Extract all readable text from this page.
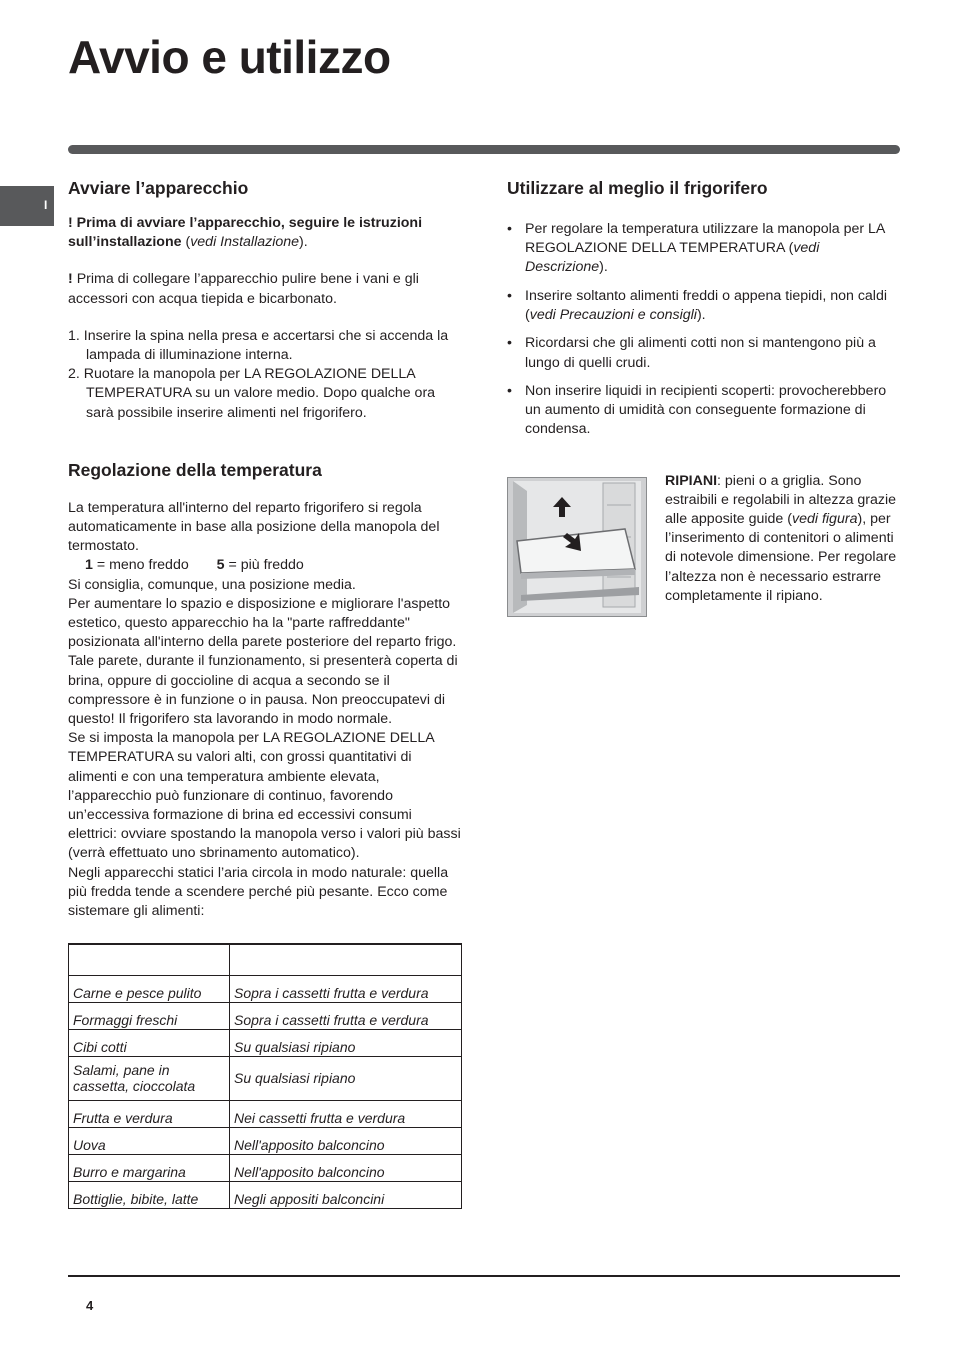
Avvio e utilizzo
I
Avviare l’apparecchio

! Prima di avviare l’apparecchio, seguire le istruzioni sull’installazione (vedi Installazione).

! Prima di collegare l’apparecchio pulire bene i vani e gli accessori con acqua tiepida e bicarbonato.

1. Inserire la spina nella presa e accertarsi che si accenda la lampada di illuminazione interna.
2. Ruotare la manopola per LA REGOLAZIONE DELLA TEMPERATURA su un valore medio. Dopo qualche ora sarà possibile inserire alimenti nel frigorifero.
Regolazione della temperatura

La temperatura all'interno del reparto frigorifero si regola automaticamente in base alla posizione della manopola del termostato.

1 = meno freddo 5 = più freddo

Si consiglia, comunque, una posizione media.
Per aumentare lo spazio e disposizione e migliorare l'aspetto estetico, questo apparecchio ha la "parte raffreddante" posizionata all'interno della parete posteriore del reparto frigo. Tale parete, durante il funzionamento, si presenterà coperta di brina, oppure di goccioline di acqua a secondo se il compressore è in funzione o in pausa. Non preoccupatevi di questo! Il frigorifero sta lavorando in modo normale.
Se si imposta la manopola per LA REGOLAZIONE DELLA TEMPERATURA su valori alti, con grossi quantitativi di alimenti e con una temperatura ambiente elevata, l’apparecchio può funzionare di continuo, favorendo un’eccessiva formazione di brina ed eccessivi consumi elettrici: ovviare spostando la manopola verso i valori più bassi (verrà effettuato uno sbrinamento automatico).
Negli apparecchi statici l’aria circola in modo naturale: quella più fredda tende a scendere perché più pesante. Ecco come sistemare gli alimenti:

Carne e pesce pulito	Sopra i cassetti frutta e verdura
Formaggi freschi	Sopra i cassetti frutta e verdura
Cibi cotti	Su qualsiasi ripiano
Salami, pane in cassetta, cioccolata	Su qualsiasi ripiano
Frutta e verdura	Nei cassetti frutta e verdura
Uova	Nell'apposito balconcino
Burro e margarina	Nell'apposito balconcino
Bottiglie, bibite, latte	Negli appositi balconcini
Utilizzare al meglio il frigorifero
• Per regolare la temperatura utilizzare la manopola per LA REGOLAZIONE DELLA TEMPERATURA (vedi Descrizione).
• Inserire soltanto alimenti freddi o appena tiepidi, non caldi (vedi Precauzioni e consigli).
• Ricordarsi che gli alimenti cotti non si mantengono più a lungo di quelli crudi.
• Non inserire liquidi in recipienti scoperti: provocherebbero un aumento di umidità con conseguente formazione di condensa.

RIPIANI: pieni o a griglia. Sono estraibili e regolabili in altezza grazie alle apposite guide (vedi figura), per l’inserimento di contenitori o alimenti di notevole dimensione. Per regolare l’altezza non è necessario estrarre completamente il ripiano.

4
